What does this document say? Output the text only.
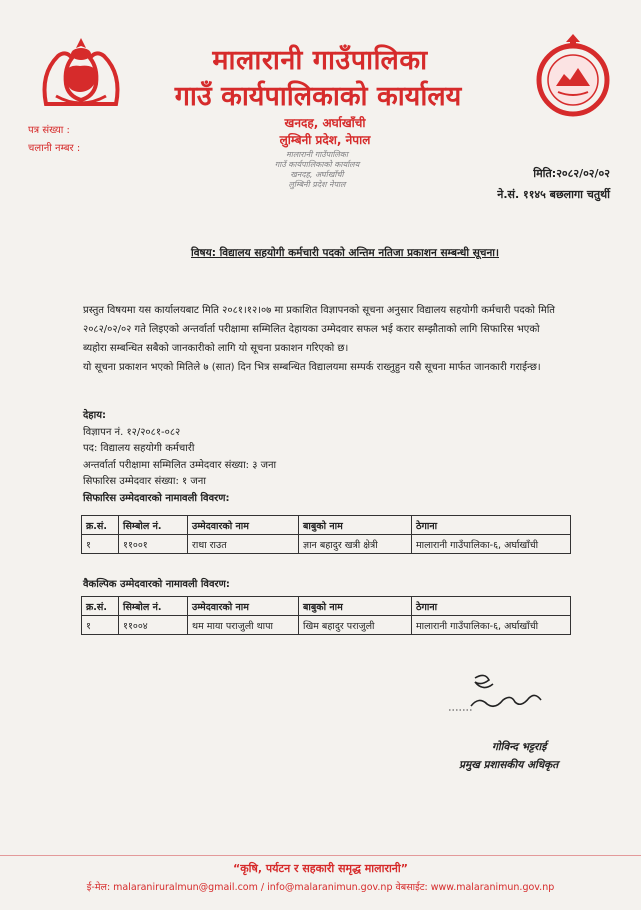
मालारानी गाउँपालिका
गाउँ कार्यपालिकाको कार्यालय
खनदह, अर्घाखाँची
लुम्बिनी प्रदेश, नेपाल
पत्र संख्या :
चलानी नम्बर :
मालारानी गाउँपालिका
गाउँ कार्यपालिकाको कार्यालय
खनदह, अर्घाखाँची
लुम्बिनी प्रदेश नेपाल
मिति:२०८२/०२/०२
ने.सं. ११४५ बछलागा चतुर्थी
विषय: विद्यालय सहयोगी कर्मचारी पदको अन्तिम नतिजा प्रकाशन सम्बन्धी सूचना।

प्रस्तुत विषयमा यस कार्यालयबाट मिति २०८१।१२।०७ मा प्रकाशित विज्ञापनको सूचना अनुसार विद्यालय सहयोगी कर्मचारी पदको मिति

२०८२/०२/०२ गते लिइएको अन्तर्वार्ता परीक्षामा सम्मिलित देहायका उम्मेदवार सफल भई करार सम्झौताको लागि सिफारिस भएको

ब्यहोरा सम्बन्धित सबैको जानकारीको लागि यो सूचना प्रकाशन गरिएको छ।

यो सूचना प्रकाशन भएको मितिले ७ (सात) दिन भित्र सम्बन्धित विद्यालयमा सम्पर्क राख्नुहुन यसै सूचना मार्फत जानकारी गराईन्छ।

देहाय:
विज्ञापन नं. १२/२०८१-०८२
पद: विद्यालय सहयोगी कर्मचारी
अन्तर्वार्ता परीक्षामा सम्मिलित उम्मेदवार संख्या: ३ जना
सिफारिस उम्मेदवार संख्या: १ जना
सिफारिस उम्मेदवारको नामावली विवरण:
क्र.सं.	सिम्बोल नं.	उम्मेदवारको नाम	बाबुको नाम	ठेगाना
१	११००१	राधा राउत	ज्ञान बहादुर खत्री क्षेत्री	मालारानी गाउँपालिका-६, अर्घाखाँची
वैकल्पिक उम्मेदवारको नामावली विवरण:
क्र.सं.	सिम्बोल नं.	उम्मेदवारको नाम	बाबुको नाम	ठेगाना
१	११००४	थम माया पराजुली थापा	खिम बहादुर पराजुली	मालारानी गाउँपालिका-६, अर्घाखाँची
गोविन्द भट्टराई
प्रमुख प्रशासकीय अधिकृत
“कृषि, पर्यटन र सहकारी समृद्ध मालारानी”
ई-मेल: malaraniruralmun@gmail.com / info@malaranimun.gov.np वेबसाईट: www.malaranimun.gov.np
